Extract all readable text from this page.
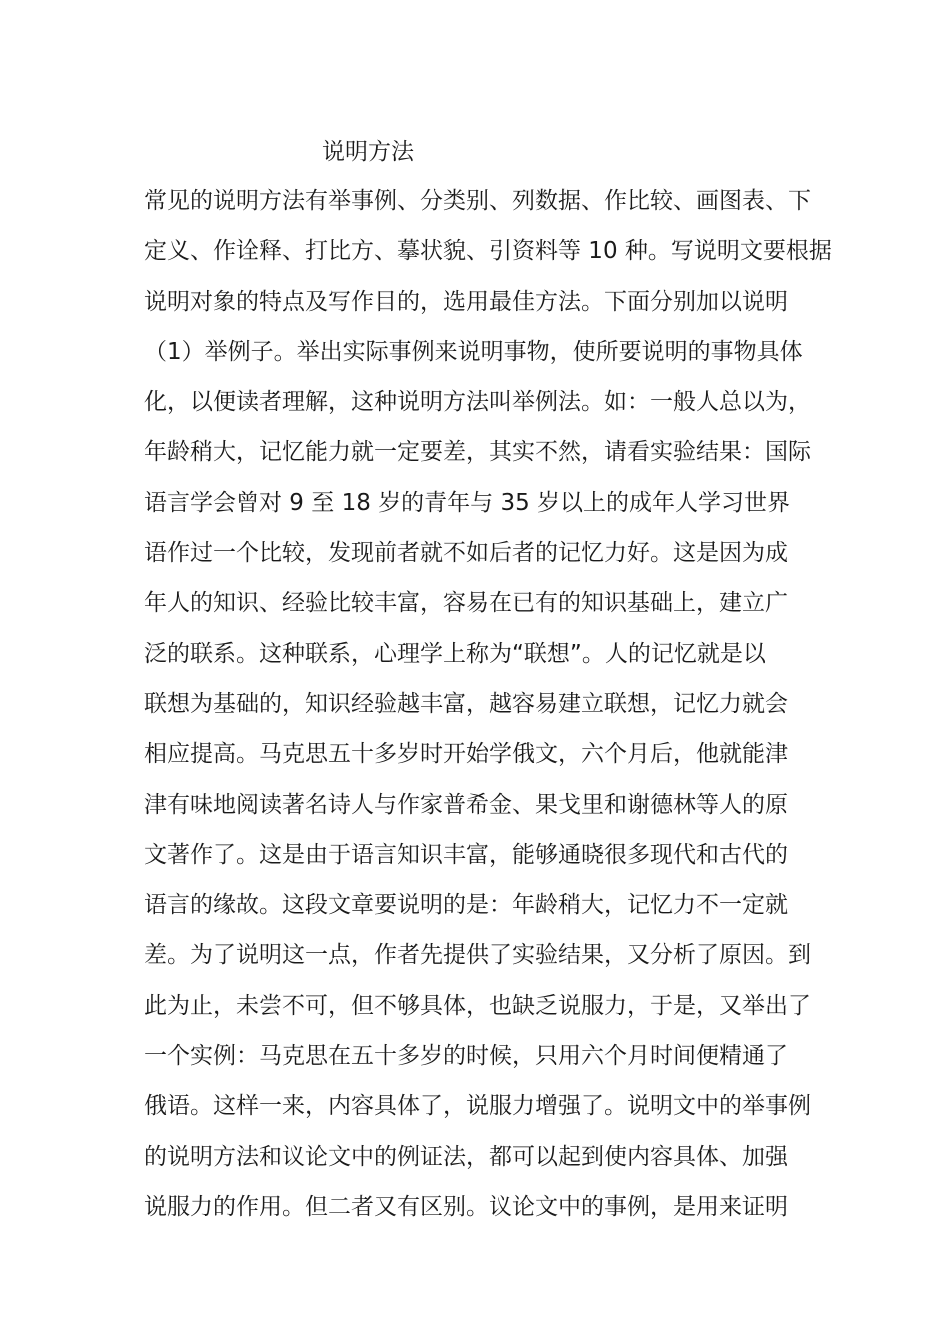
说明方法
常见的说明方法有举事例、分类别、列数据、作比较、画图表、下
定义、作诠释、打比方、摹状貌、引资料等 10 种。写说明文要根据
说明对象的特点及写作目的，选用最佳方法。下面分别加以说明
（1）举例子。举出实际事例来说明事物，使所要说明的事物具体
化，以便读者理解，这种说明方法叫举例法。如：一般人总以为，
年龄稍大，记忆能力就一定要差，其实不然，请看实验结果：国际
语言学会曾对 9 至 18 岁的青年与 35 岁以上的成年人学习世界
语作过一个比较，发现前者就不如后者的记忆力好。这是因为成
年人的知识、经验比较丰富，容易在已有的知识基础上，建立广
泛的联系。这种联系，心理学上称为“联想”。人的记忆就是以
联想为基础的，知识经验越丰富，越容易建立联想，记忆力就会
相应提高。马克思五十多岁时开始学俄文，六个月后，他就能津
津有味地阅读著名诗人与作家普希金、果戈里和谢德林等人的原
文著作了。这是由于语言知识丰富，能够通晓很多现代和古代的
语言的缘故。这段文章要说明的是：年龄稍大，记忆力不一定就
差。为了说明这一点，作者先提供了实验结果，又分析了原因。到
此为止，未尝不可，但不够具体，也缺乏说服力，于是，又举出了
一个实例：马克思在五十多岁的时候，只用六个月时间便精通了
俄语。这样一来，内容具体了，说服力增强了。说明文中的举事例
的说明方法和议论文中的例证法，都可以起到使内容具体、加强
说服力的作用。但二者又有区别。议论文中的事例，是用来证明
